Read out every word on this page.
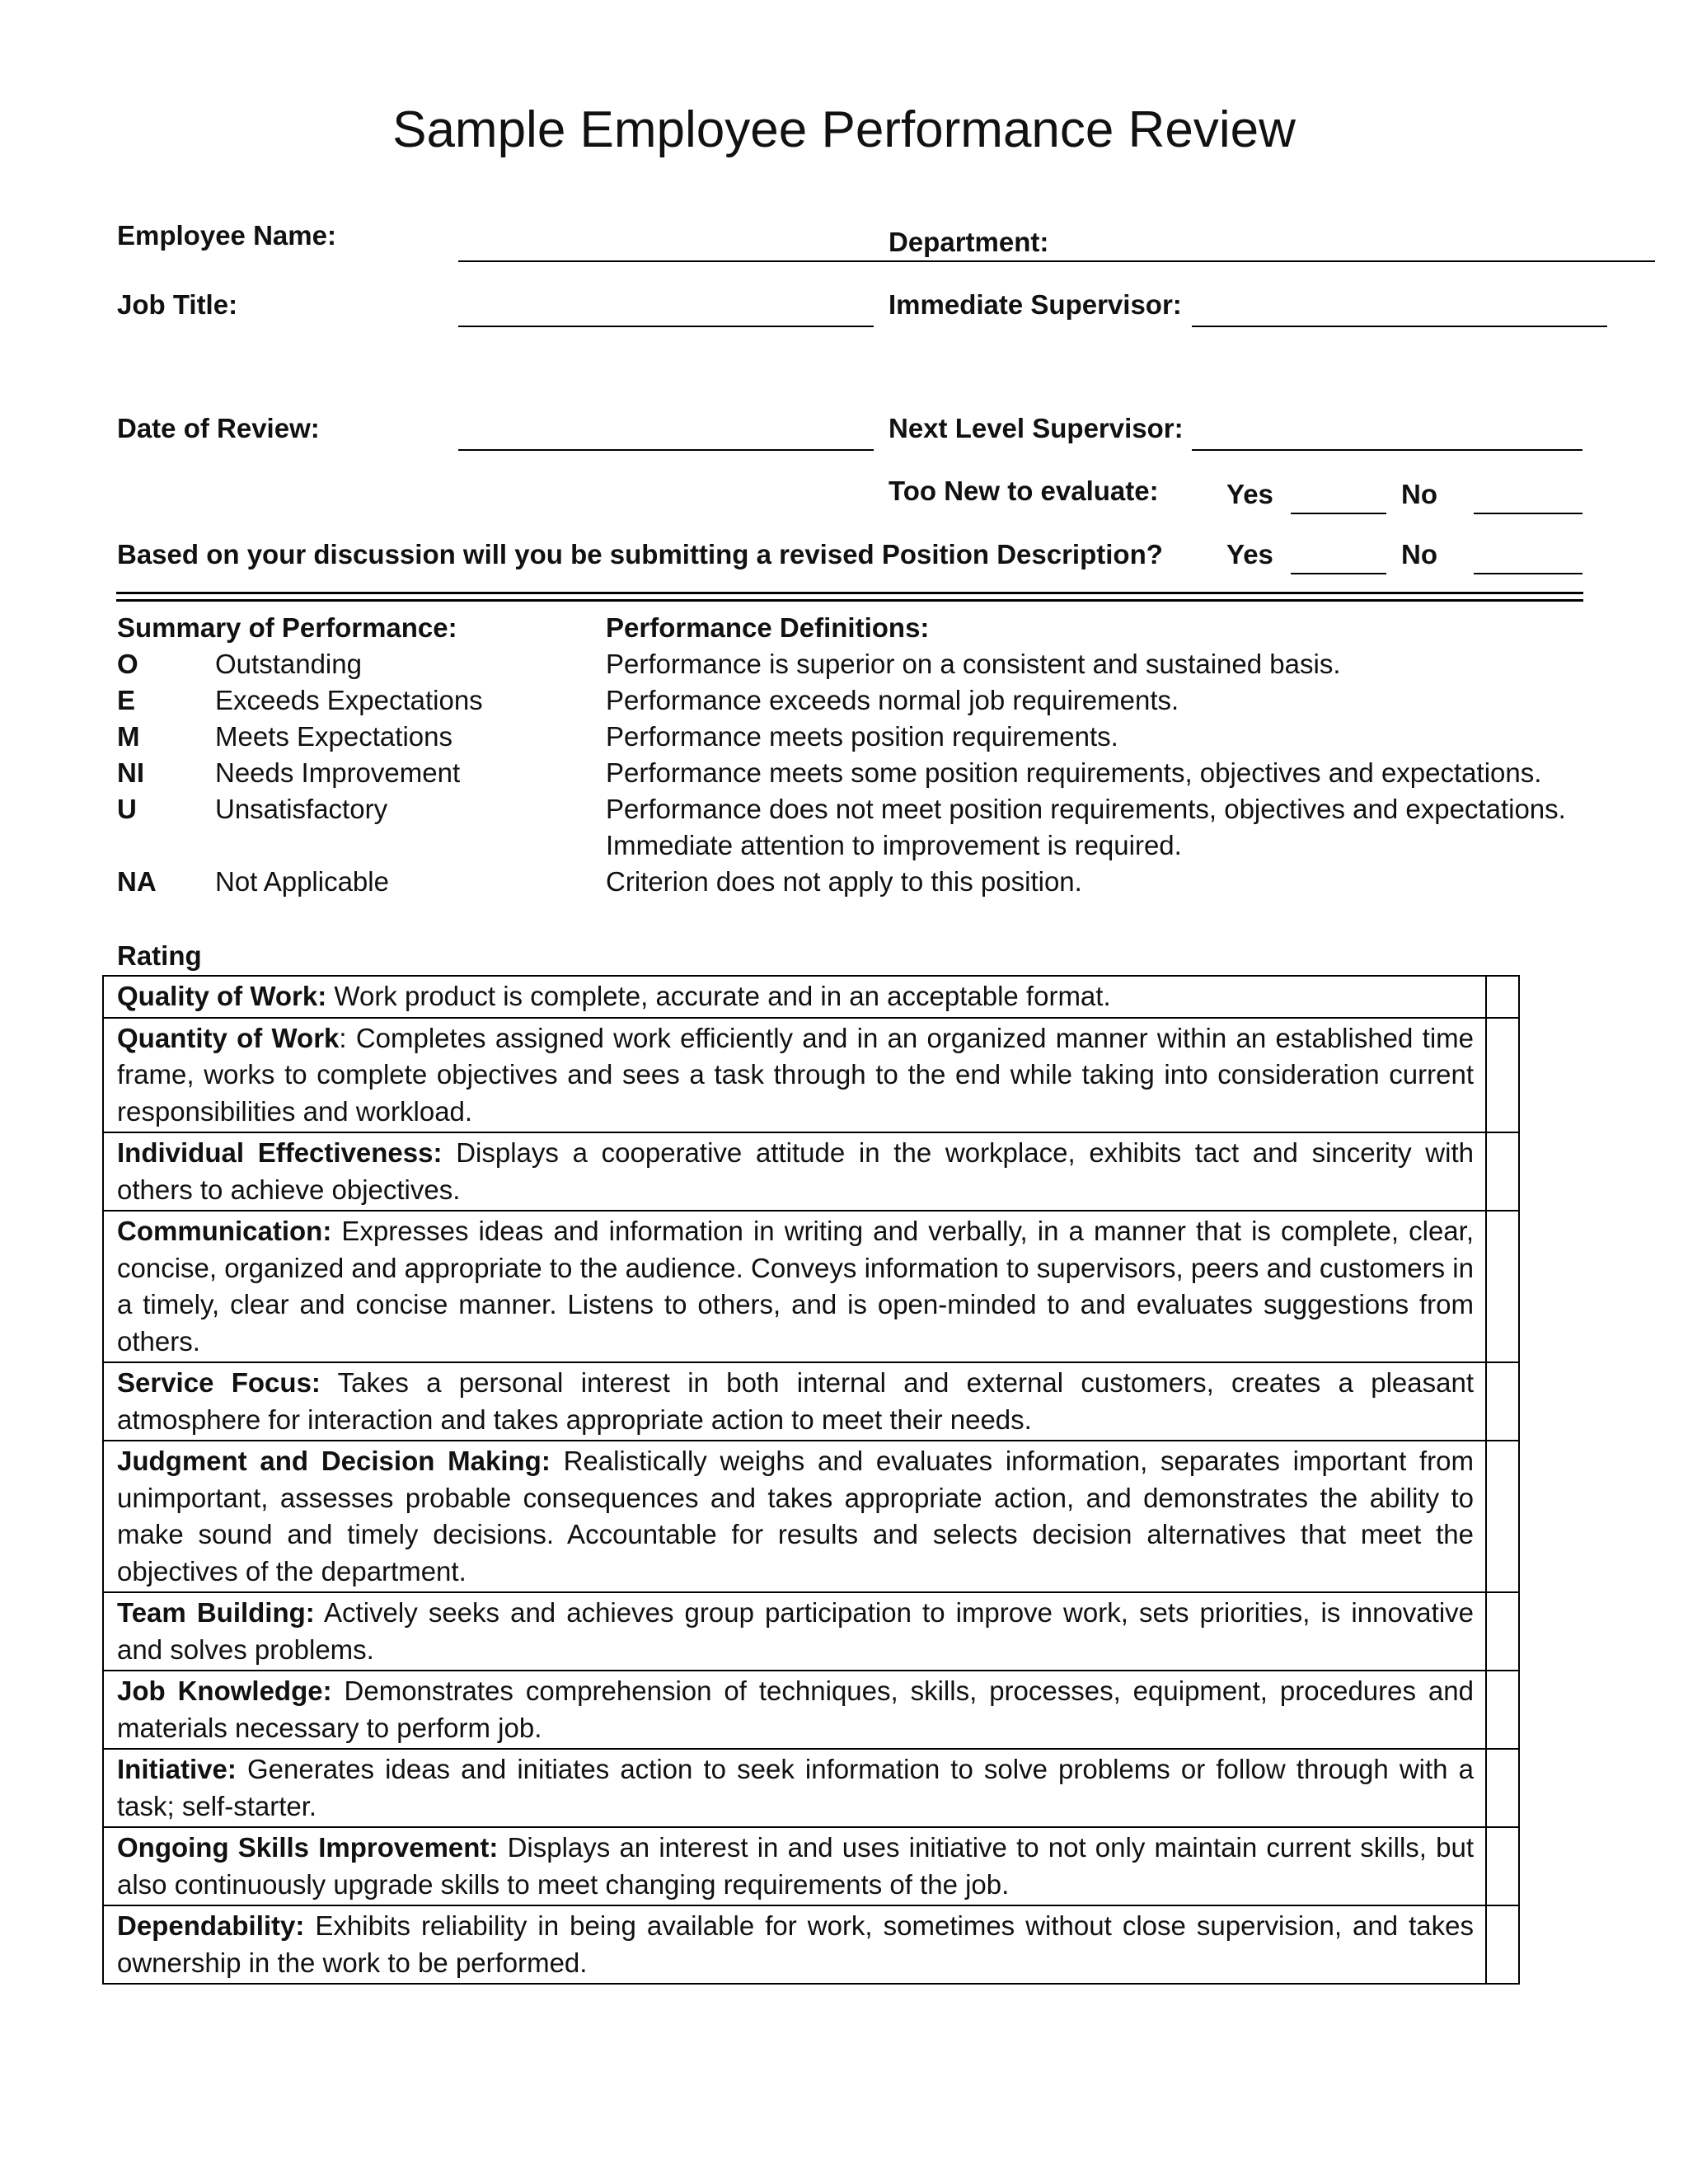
Sample Employee Performance Review
Employee Name:	Department:
Job Title:	Immediate Supervisor:
Date of Review:	Next Level Supervisor:
Too New to evaluate: Yes	No
Based on your discussion will you be submitting a revised Position Description? Yes	No
Summary of Performance:	Performance Definitions:
O	Outstanding	Performance is superior on a consistent and sustained basis.
E	Exceeds Expectations	Performance exceeds normal job requirements.
M	Meets Expectations	Performance meets position requirements.
NI	Needs Improvement	Performance meets some position requirements, objectives and expectations.
U	Unsatisfactory	Performance does not meet position requirements, objectives and expectations.
Immediate attention to improvement is required.
NA Not Applicable	Criterion does not apply to this position.
Rating
Quality of Work: Work product is complete, accurate and in an acceptable format.	
Quantity of Work: Completes assigned work efficiently and in an organized manner within an established time frame, works to complete objectives and sees a task through to the end while taking into consideration current responsibilities and workload.	
Individual Effectiveness: Displays a cooperative attitude in the workplace, exhibits tact and sincerity with others to achieve objectives.	
Communication: Expresses ideas and information in writing and verbally, in a manner that is complete, clear, concise, organized and appropriate to the audience. Conveys information to supervisors, peers and customers in a timely, clear and concise manner. Listens to others, and is open-minded to and evaluates suggestions from others.	
Service Focus: Takes a personal interest in both internal and external customers, creates a pleasant atmosphere for interaction and takes appropriate action to meet their needs.	
Judgment and Decision Making: Realistically weighs and evaluates information, separates important from unimportant, assesses probable consequences and takes appropriate action, and demonstrates the ability to make sound and timely decisions. Accountable for results and selects decision alternatives that meet the objectives of the department.	
Team Building: Actively seeks and achieves group participation to improve work, sets priorities, is innovative and solves problems.	
Job Knowledge: Demonstrates comprehension of techniques, skills, processes, equipment, procedures and materials necessary to perform job.	
Initiative: Generates ideas and initiates action to seek information to solve problems or follow through with a task; self-starter.	
Ongoing Skills Improvement: Displays an interest in and uses initiative to not only maintain current skills, but also continuously upgrade skills to meet changing requirements of the job.	
Dependability: Exhibits reliability in being available for work, sometimes without close supervision, and takes ownership in the work to be performed.	
